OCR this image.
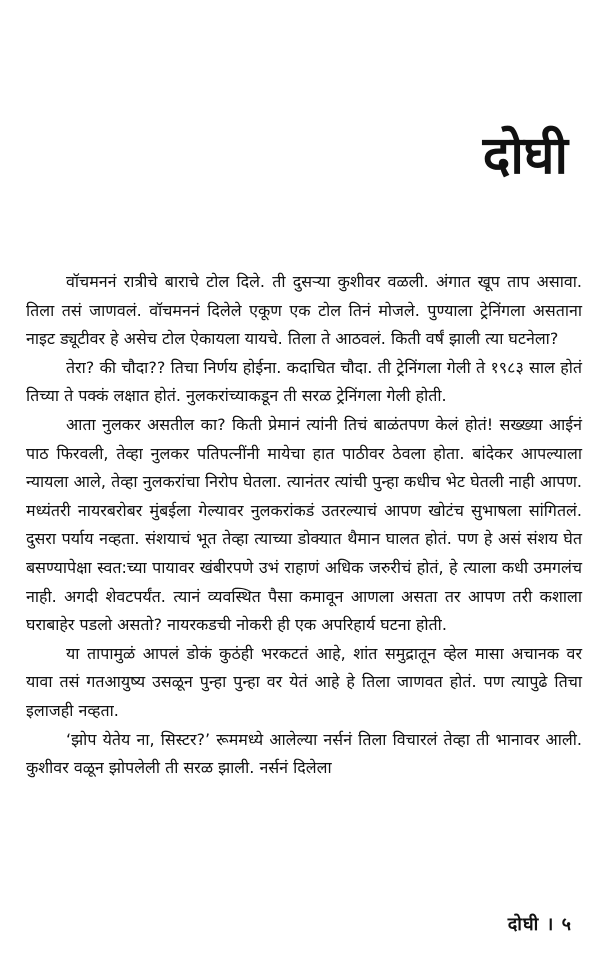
दोघी

वॉचमननं रात्रीचे बाराचे टोल दिले. ती दुसऱ्या कुशीवर वळली. अंगात खूप ताप असावा. तिला तसं जाणवलं. वॉचमननं दिलेले एकूण एक टोल तिनं मोजले. पुण्याला ट्रेनिंगला असताना नाइट ड्यूटीवर हे असेच टोल ऐकायला यायचे. तिला ते आठवलं. किती वर्षं झाली त्या घटनेला?

तेरा? की चौदा?? तिचा निर्णय होईना. कदाचित चौदा. ती ट्रेनिंगला गेली ते १९८३ साल होतं तिच्या ते पक्कं लक्षात होतं. नुलकरांच्याकडून ती सरळ ट्रेनिंगला गेली होती.

आता नुलकर असतील का? किती प्रेमानं त्यांनी तिचं बाळंतपण केलं होतं! सख्ख्या आईनं पाठ फिरवली, तेव्हा नुलकर पतिपत्नींनी मायेचा हात पाठीवर ठेवला होता. बांदेकर आपल्याला न्यायला आले, तेव्हा नुलकरांचा निरोप घेतला. त्यानंतर त्यांची पुन्हा कधीच भेट घेतली नाही आपण. मध्यंतरी नायरबरोबर मुंबईला गेल्यावर नुलकरांकडं उतरल्याचं आपण खोटंच सुभाषला सांगितलं. दुसरा पर्याय नव्हता. संशयाचं भूत तेव्हा त्याच्या डोक्यात थैमान घालत होतं. पण हे असं संशय घेत बसण्यापेक्षा स्वत:च्या पायावर खंबीरपणे उभं राहाणं अधिक जरुरीचं होतं, हे त्याला कधी उमगलंच नाही. अगदी शेवटपर्यंत. त्यानं व्यवस्थित पैसा कमावून आणला असता तर आपण तरी कशाला घराबाहेर पडलो असतो? नायरकडची नोकरी ही एक अपरिहार्य घटना होती.

या तापामुळं आपलं डोकं कुठंही भरकटतं आहे, शांत समुद्रातून व्हेल मासा अचानक वर यावा तसं गतआयुष्य उसळून पुन्हा पुन्हा वर येतं आहे हे तिला जाणवत होतं. पण त्यापुढे तिचा इलाजही नव्हता.

‘झोप येतेय ना, सिस्टर?’ रूममध्ये आलेल्या नर्सनं तिला विचारलं तेव्हा ती भानावर आली. कुशीवर वळून झोपलेली ती सरळ झाली. नर्सनं दिलेला

दोघी । ५
